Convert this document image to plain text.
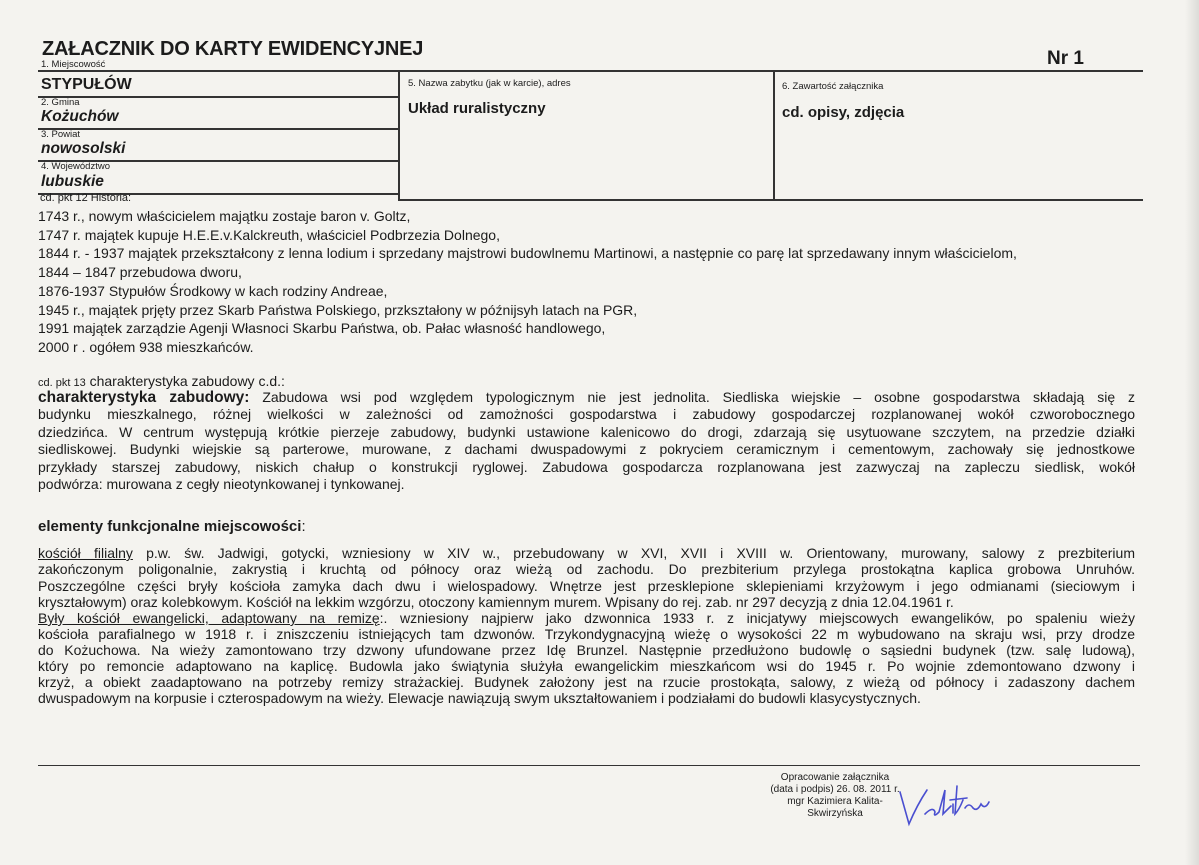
ZAŁACZNIK DO KARTY EWIDENCYJNEJ	Nr 1
1. Miejscowość
STYPUŁÓW
2. Gmina
Kożuchów
3. Powiat
nowosolski
4. Województwo
lubuskie
5. Nazwa zabytku (jak w karcie), adres
Układ ruralistyczny
6. Zawartość załącznika
cd. opisy, zdjęcia
cd. pkt 12 Historia:
1743 r., nowym właścicielem majątku zostaje baron v. Goltz,
1747 r. majątek kupuje H.E.E.v.Kalckreuth, właściciel Podbrzezia Dolnego,
1844 r. - 1937 majątek przekształcony z lenna lodium i sprzedany majstrowi budowlnemu Martinowi, a następnie co parę lat sprzedawany innym właścicielom,
1844 – 1847 przebudowa dworu,
1876-1937 Stypułów Środkowy w kach rodziny Andreae,
1945 r., majątek prjęty przez Skarb Państwa Polskiego, przkształony w późnijsyh latach na PGR,
1991 majątek zarządzie Agenji Własnoci Skarbu Państwa, ob. Pałac własność handlowego,
2000 r . ogółem 938 mieszkańców.
cd. pkt 13 charakterystyka zabudowy c.d.:
charakterystyka zabudowy: Zabudowa wsi pod względem typologicznym nie jest jednolita. Siedliska wiejskie – osobne gospodarstwa składają się z
budynku mieszkalnego, różnej wielkości w zależności od zamożności gospodarstwa i zabudowy gospodarczej rozplanowanej wokół czworobocznego
dziedzińca. W centrum występują krótkie pierzeje zabudowy, budynki ustawione kalenicowo do drogi, zdarzają się usytuowane szczytem, na przedzie działki
siedliskowej. Budynki wiejskie są parterowe, murowane, z dachami dwuspadowymi z pokryciem ceramicznym i cementowym, zachowały się jednostkowe
przykłady starszej zabudowy, niskich chałup o konstrukcji ryglowej. Zabudowa gospodarcza rozplanowana jest zazwyczaj na zapleczu siedlisk, wokół
podwórza: murowana z cegły nieotynkowanej i tynkowanej.
elementy funkcjonalne miejscowości:
kościół filialny p.w. św. Jadwigi, gotycki, wzniesiony w XIV w., przebudowany w XVI, XVII i XVIII w. Orientowany, murowany, salowy z prezbiterium
zakończonym poligonalnie, zakrystią i kruchtą od północy oraz wieżą od zachodu. Do prezbiterium przylega prostokątna kaplica grobowa Unruhów.
Poszczególne części bryły kościoła zamyka dach dwu i wielospadowy. Wnętrze jest przesklepione sklepieniami krzyżowym i jego odmianami (sieciowym i
kryształowym) oraz kolebkowym. Kościół na lekkim wzgórzu, otoczony kamiennym murem. Wpisany do rej. zab. nr 297 decyzją z dnia 12.04.1961 r.
Były kościół ewangelicki, adaptowany na remizę:. wzniesiony najpierw jako dzwonnica 1933 r. z inicjatywy miejscowych ewangelików, po spaleniu wieży
kościoła parafialnego w 1918 r. i zniszczeniu istniejących tam dzwonów. Trzykondygnacyjną wieżę o wysokości 22 m wybudowano na skraju wsi, przy drodze
do Kożuchowa. Na wieży zamontowano trzy dzwony ufundowane przez Idę Brunzel. Następnie przedłużono budowlę o sąsiedni budynek (tzw. salę ludową),
który po remoncie adaptowano na kaplicę. Budowla jako świątynia służyła ewangelickim mieszkańcom wsi do 1945 r. Po wojnie zdemontowano dzwony i
krzyż, a obiekt zaadaptowano na potrzeby remizy strażackiej. Budynek założony jest na rzucie prostokąta, salowy, z wieżą od północy i zadaszony dachem
dwuspadowym na korpusie i czterospadowym na wieży. Elewacje nawiązują swym ukształtowaniem i podziałami do budowli klasycystycznych.
Opracowanie załącznika
(data i podpis) 26. 08. 2011 r.
mgr Kazimiera Kalita-
Skwirzyńska
